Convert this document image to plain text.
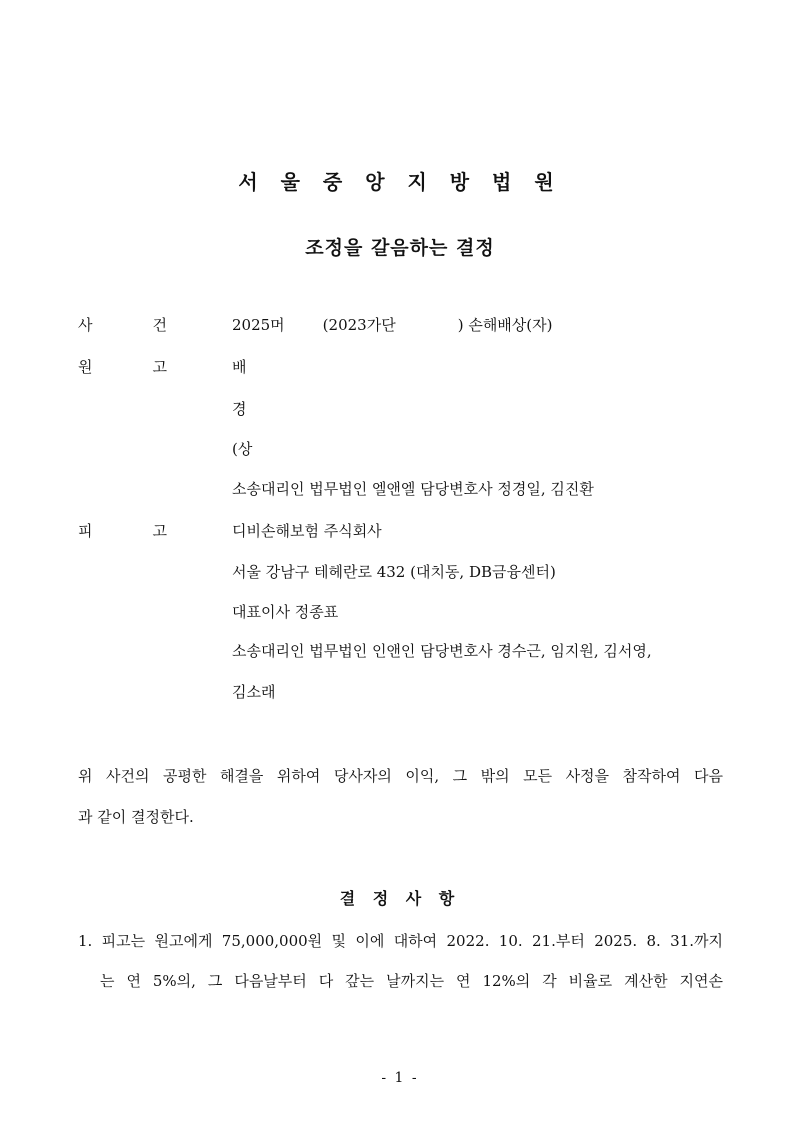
서 울 중 앙 지 방 법 원
조정을 갈음하는 결정
사	건	2025머	(2023가단	) 손해배상(자)
원	고	배
경
(상
소송대리인 법무법인 엘앤엘 담당변호사 정경일, 김진환
피	고	디비손해보험 주식회사
서울 강남구 테헤란로 432 (대치동, DB금융센터)
대표이사 정종표
소송대리인 법무법인 인앤인 담당변호사 경수근, 임지원, 김서영,
김소래
위 사건의 공평한 해결을 위하여 당사자의 이익, 그 밖의 모든 사정을 참작하여 다음
과 같이 결정한다.
결 정 사 항
1. 피고는 원고에게 75,000,000원 및 이에 대하여 2022. 10. 21.부터 2025. 8. 31.까지
는 연 5%의, 그 다음날부터 다 갚는 날까지는 연 12%의 각 비율로 계산한 지연손
- 1 -
